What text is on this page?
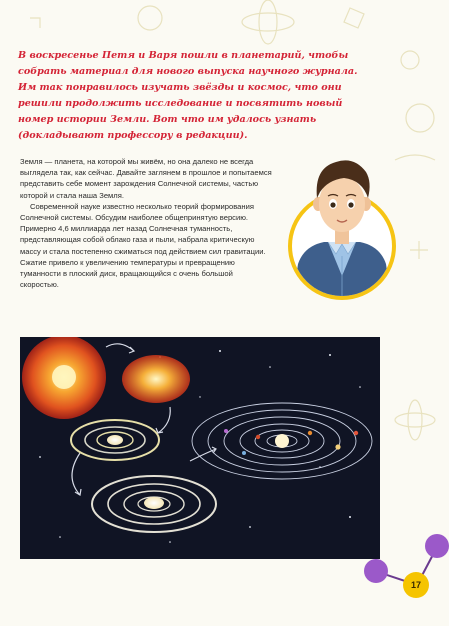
В воскресенье Петя и Варя пошли в планетарий, чтобы собрать материал для нового выпуска научного журнала. Им так понравилось изучать звёзды и космос, что они решили продолжить исследование и посвятить новый номер истории Земли. Вот что им удалось узнать (докладывают профессору в редакции).

Земля — планета, на которой мы живём, но она далеко не всегда выглядела так, как сейчас. Давайте заглянем в прошлое и попытаемся представить себе момент зарождения Солнечной системы, частью которой и стала наша Земля.

Современной науке известно несколько теорий формирования Солнечной системы. Обсудим наиболее общепринятую версию. Примерно 4,6 миллиарда лет назад Солнечная туманность, представляющая собой облако газа и пыли, набрала критическую массу и стала постепенно сжиматься под действием сил гравитации. Сжатие привело к увеличению температуры и превращению туманности в плоский диск, вращающийся с очень большой скоростью.

17
